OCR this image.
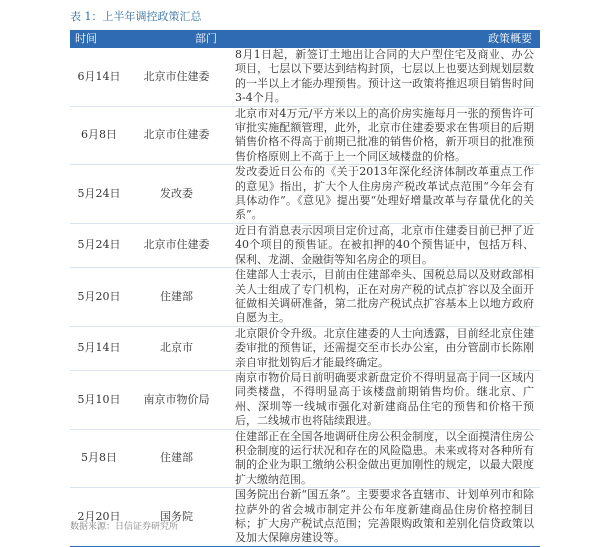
表 1：上半年调控政策汇总
时间	部门	政策概要
6月14日	北京市住建委	8月1日起，新签订土地出让合同的大户型住宅及商业、办公项目，七层以下要达到结构封顶，七层以上也要达到规划层数的一半以上才能办理预售。预计这一政策将推迟项目销售时间3-4个月。
6月8日	北京市住建委	北京市对4万元/平方米以上的高价房实施每月一张的预售许可审批实施配额管理，此外，北京市住建委要求在售项目的后期销售价格不得高于前期已批准的销售价格，新开项目的批准预售价格原则上不高于上一个同区域楼盘的价格。
5月24日	发改委	发改委近日公布的《关于2013年深化经济体制改革重点工作的意见》指出，扩大个人住房房产税改革试点范围“今年会有具体动作”。《意见》提出要“处理好增量改革与存量优化的关系”。
5月24日	北京市住建委	近日有消息表示因项目定价过高，北京市住建委目前已押了近40个项目的预售证。在被扣押的40个预售证中，包括万科、保利、龙湖、金融街等知名房企的项目。
5月20日	住建部	住建部人士表示，目前由住建部牵头、国税总局以及财政部相关人士组成了专门机构，正在对房产税的试点扩容以及全面开征做相关调研准备，第二批房产税试点扩容基本上以地方政府自愿为主。
5月14日	北京市	北京限价令升级。北京住建委的人士向透露，目前经北京住建委审批的预售证，还需提交至市长办公室，由分管副市长陈刚亲自审批划钩后才能最终确定。
5月10日	南京市物价局	南京市物价局日前明确要求新盘定价不得明显高于同一区域内同类楼盘，不得明显高于该楼盘前期销售均价。继北京、广州、深圳等一线城市强化对新建商品住宅的预售和价格干预后，二线城市也将陆续跟进。
5月8日	住建部	住建部正在全国各地调研住房公积金制度，以全面摸清住房公积金制度的运行状况和存在的风险隐患。未来或将对各种所有制的企业为职工缴纳公积金做出更加刚性的规定，以最大限度扩大缴纳范围。
2月20日	国务院	国务院出台新“国五条”。主要要求各直辖市、计划单列市和除拉萨外的省会城市制定并公布年度新建商品住房价格控制目标；扩大房产税试点范围；完善限购政策和差别化信贷政策以及加大保障房建设等。
数据来源：日信证券研究所
